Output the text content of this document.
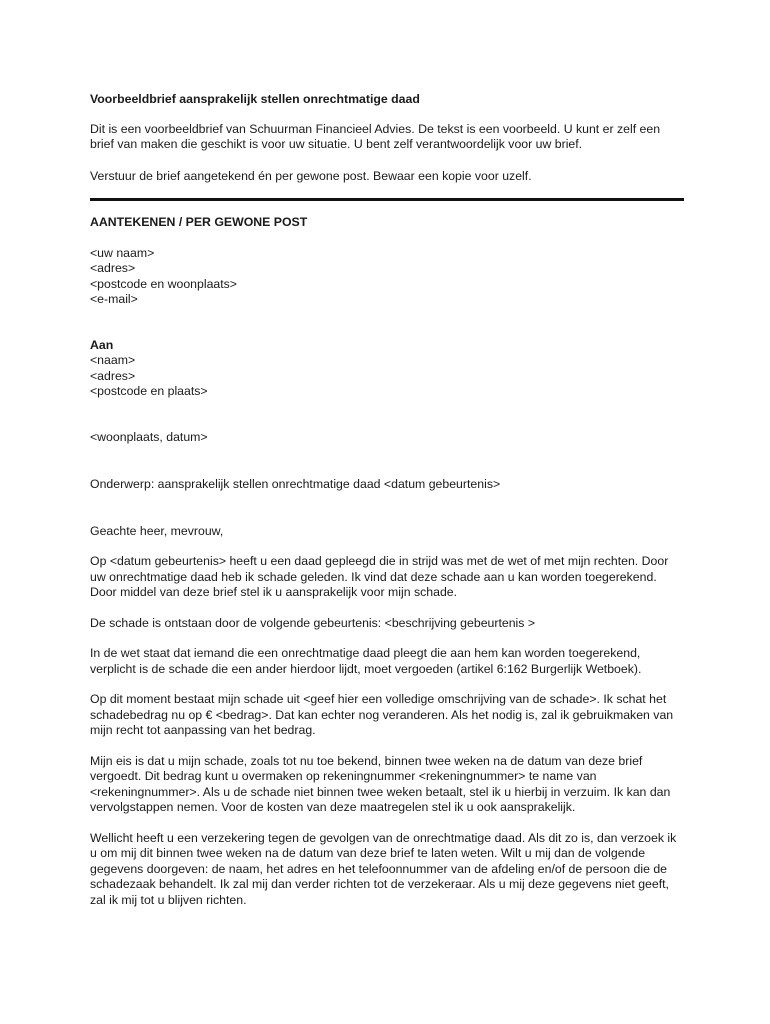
Voorbeeldbrief aansprakelijk stellen onrechtmatige daad

Dit is een voorbeeldbrief van Schuurman Financieel Advies. De tekst is een voorbeeld. U kunt er zelf een brief van maken die geschikt is voor uw situatie. U bent zelf verantwoordelijk voor uw brief.

Verstuur de brief aangetekend én per gewone post. Bewaar een kopie voor uzelf.

AANTEKENEN / PER GEWONE POST

<uw naam>
<adres>
<postcode en woonplaats>
<e-mail>

Aan

<naam>
<adres>
<postcode en plaats>

<woonplaats, datum>

Onderwerp: aansprakelijk stellen onrechtmatige daad <datum gebeurtenis>

Geachte heer, mevrouw,

Op <datum gebeurtenis> heeft u een daad gepleegd die in strijd was met de wet of met mijn rechten. Door uw onrechtmatige daad heb ik schade geleden. Ik vind dat deze schade aan u kan worden toegerekend. Door middel van deze brief stel ik u aansprakelijk voor mijn schade.

De schade is ontstaan door de volgende gebeurtenis: <beschrijving gebeurtenis >

In de wet staat dat iemand die een onrechtmatige daad pleegt die aan hem kan worden toegerekend, verplicht is de schade die een ander hierdoor lijdt, moet vergoeden (artikel 6:162 Burgerlijk Wetboek).

Op dit moment bestaat mijn schade uit <geef hier een volledige omschrijving van de schade>. Ik schat het schadebedrag nu op € <bedrag>. Dat kan echter nog veranderen. Als het nodig is, zal ik gebruikmaken van mijn recht tot aanpassing van het bedrag.

Mijn eis is dat u mijn schade, zoals tot nu toe bekend, binnen twee weken na de datum van deze brief vergoedt. Dit bedrag kunt u overmaken op rekeningnummer <rekeningnummer> te name van <rekeningnummer>. Als u de schade niet binnen twee weken betaalt, stel ik u hierbij in verzuim. Ik kan dan vervolgstappen nemen. Voor de kosten van deze maatregelen stel ik u ook aansprakelijk.

Wellicht heeft u een verzekering tegen de gevolgen van de onrechtmatige daad. Als dit zo is, dan verzoek ik u om mij dit binnen twee weken na de datum van deze brief te laten weten. Wilt u mij dan de volgende gegevens doorgeven: de naam, het adres en het telefoonnummer van de afdeling en/of de persoon die de schadezaak behandelt. Ik zal mij dan verder richten tot de verzekeraar. Als u mij deze gegevens niet geeft, zal ik mij tot u blijven richten.
